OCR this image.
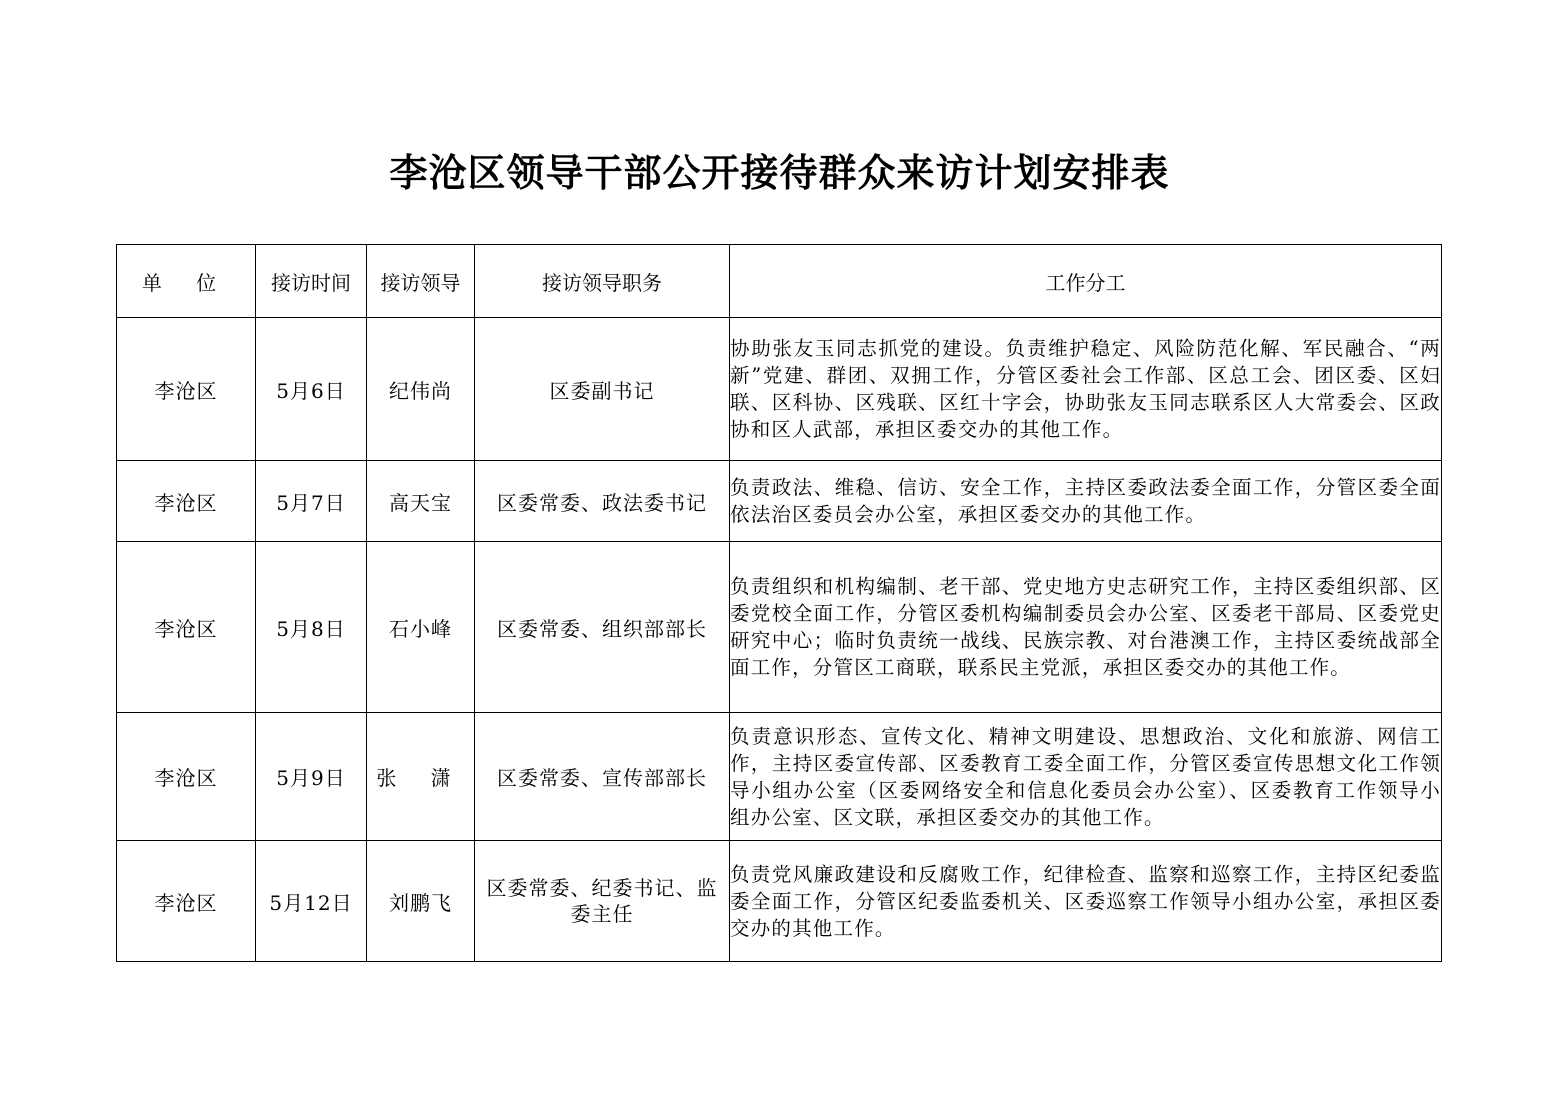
李沧区领导干部公开接待群众来访计划安排表
单 位	接访时间	接访领导	接访领导职务	工作分工
李沧区	5月6日	纪伟尚	区委副书记	协助张友玉同志抓党的建设。负责维护稳定、风险防范化解、军民融合、“两新”党建、群团、双拥工作，分管区委社会工作部、区总工会、团区委、区妇联、区科协、区残联、区红十字会，协助张友玉同志联系区人大常委会、区政协和区人武部，承担区委交办的其他工作。
李沧区	5月7日	高天宝	区委常委、政法委书记	负责政法、维稳、信访、安全工作，主持区委政法委全面工作，分管区委全面依法治区委员会办公室，承担区委交办的其他工作。
李沧区	5月8日	石小峰	区委常委、组织部部长	负责组织和机构编制、老干部、党史地方史志研究工作，主持区委组织部、区委党校全面工作，分管区委机构编制委员会办公室、区委老干部局、区委党史研究中心；临时负责统一战线、民族宗教、对台港澳工作，主持区委统战部全面工作，分管区工商联，联系民主党派，承担区委交办的其他工作。
李沧区	5月9日	张 潇	区委常委、宣传部部长	负责意识形态、宣传文化、精神文明建设、思想政治、文化和旅游、网信工作，主持区委宣传部、区委教育工委全面工作，分管区委宣传思想文化工作领导小组办公室（区委网络安全和信息化委员会办公室）、区委教育工作领导小组办公室、区文联，承担区委交办的其他工作。
李沧区	5月12日	刘鹏飞	区委常委、纪委书记、监委主任	负责党风廉政建设和反腐败工作，纪律检查、监察和巡察工作，主持区纪委监委全面工作，分管区纪委监委机关、区委巡察工作领导小组办公室，承担区委交办的其他工作。
